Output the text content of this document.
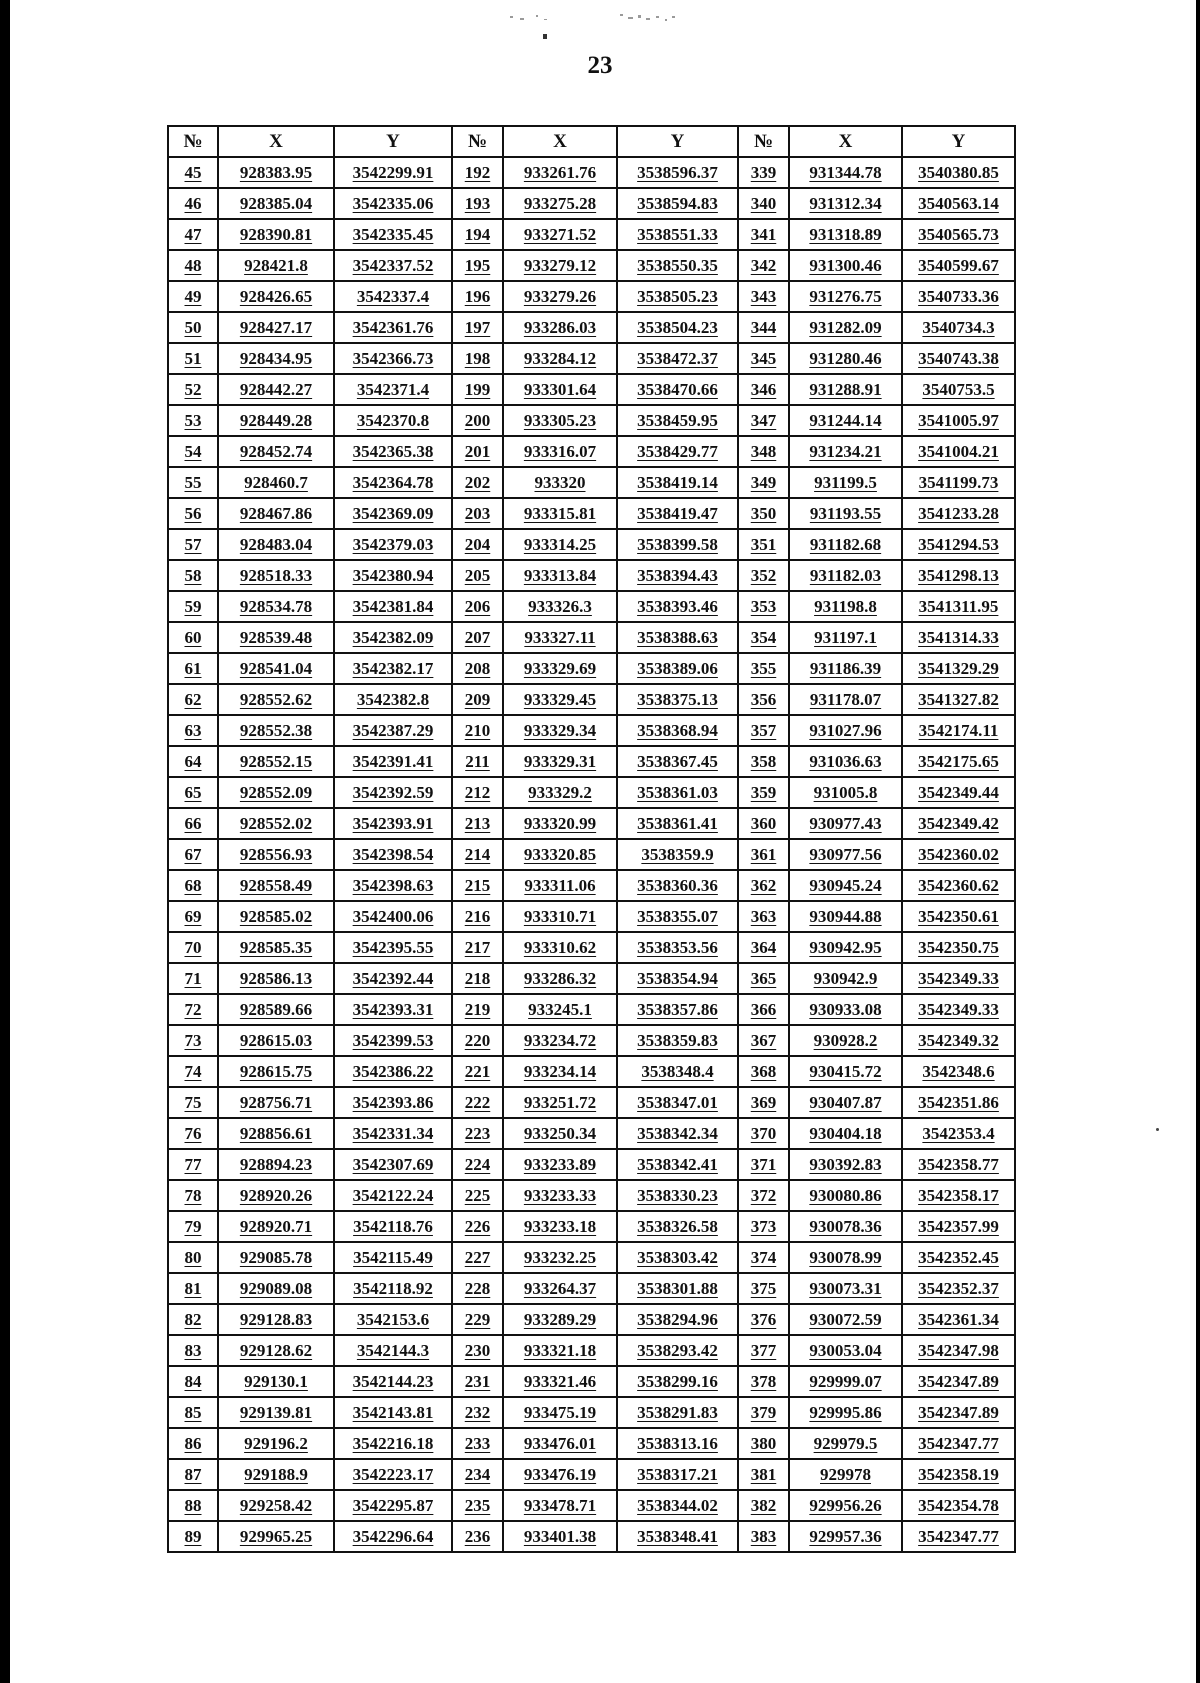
23
№	X	Y	№	X	Y	№	X	Y
45	928383.95	3542299.91	192	933261.76	3538596.37	339	931344.78	3540380.85
46	928385.04	3542335.06	193	933275.28	3538594.83	340	931312.34	3540563.14
47	928390.81	3542335.45	194	933271.52	3538551.33	341	931318.89	3540565.73
48	928421.8	3542337.52	195	933279.12	3538550.35	342	931300.46	3540599.67
49	928426.65	3542337.4	196	933279.26	3538505.23	343	931276.75	3540733.36
50	928427.17	3542361.76	197	933286.03	3538504.23	344	931282.09	3540734.3
51	928434.95	3542366.73	198	933284.12	3538472.37	345	931280.46	3540743.38
52	928442.27	3542371.4	199	933301.64	3538470.66	346	931288.91	3540753.5
53	928449.28	3542370.8	200	933305.23	3538459.95	347	931244.14	3541005.97
54	928452.74	3542365.38	201	933316.07	3538429.77	348	931234.21	3541004.21
55	928460.7	3542364.78	202	933320	3538419.14	349	931199.5	3541199.73
56	928467.86	3542369.09	203	933315.81	3538419.47	350	931193.55	3541233.28
57	928483.04	3542379.03	204	933314.25	3538399.58	351	931182.68	3541294.53
58	928518.33	3542380.94	205	933313.84	3538394.43	352	931182.03	3541298.13
59	928534.78	3542381.84	206	933326.3	3538393.46	353	931198.8	3541311.95
60	928539.48	3542382.09	207	933327.11	3538388.63	354	931197.1	3541314.33
61	928541.04	3542382.17	208	933329.69	3538389.06	355	931186.39	3541329.29
62	928552.62	3542382.8	209	933329.45	3538375.13	356	931178.07	3541327.82
63	928552.38	3542387.29	210	933329.34	3538368.94	357	931027.96	3542174.11
64	928552.15	3542391.41	211	933329.31	3538367.45	358	931036.63	3542175.65
65	928552.09	3542392.59	212	933329.2	3538361.03	359	931005.8	3542349.44
66	928552.02	3542393.91	213	933320.99	3538361.41	360	930977.43	3542349.42
67	928556.93	3542398.54	214	933320.85	3538359.9	361	930977.56	3542360.02
68	928558.49	3542398.63	215	933311.06	3538360.36	362	930945.24	3542360.62
69	928585.02	3542400.06	216	933310.71	3538355.07	363	930944.88	3542350.61
70	928585.35	3542395.55	217	933310.62	3538353.56	364	930942.95	3542350.75
71	928586.13	3542392.44	218	933286.32	3538354.94	365	930942.9	3542349.33
72	928589.66	3542393.31	219	933245.1	3538357.86	366	930933.08	3542349.33
73	928615.03	3542399.53	220	933234.72	3538359.83	367	930928.2	3542349.32
74	928615.75	3542386.22	221	933234.14	3538348.4	368	930415.72	3542348.6
75	928756.71	3542393.86	222	933251.72	3538347.01	369	930407.87	3542351.86
76	928856.61	3542331.34	223	933250.34	3538342.34	370	930404.18	3542353.4
77	928894.23	3542307.69	224	933233.89	3538342.41	371	930392.83	3542358.77
78	928920.26	3542122.24	225	933233.33	3538330.23	372	930080.86	3542358.17
79	928920.71	3542118.76	226	933233.18	3538326.58	373	930078.36	3542357.99
80	929085.78	3542115.49	227	933232.25	3538303.42	374	930078.99	3542352.45
81	929089.08	3542118.92	228	933264.37	3538301.88	375	930073.31	3542352.37
82	929128.83	3542153.6	229	933289.29	3538294.96	376	930072.59	3542361.34
83	929128.62	3542144.3	230	933321.18	3538293.42	377	930053.04	3542347.98
84	929130.1	3542144.23	231	933321.46	3538299.16	378	929999.07	3542347.89
85	929139.81	3542143.81	232	933475.19	3538291.83	379	929995.86	3542347.89
86	929196.2	3542216.18	233	933476.01	3538313.16	380	929979.5	3542347.77
87	929188.9	3542223.17	234	933476.19	3538317.21	381	929978	3542358.19
88	929258.42	3542295.87	235	933478.71	3538344.02	382	929956.26	3542354.78
89	929965.25	3542296.64	236	933401.38	3538348.41	383	929957.36	3542347.77
